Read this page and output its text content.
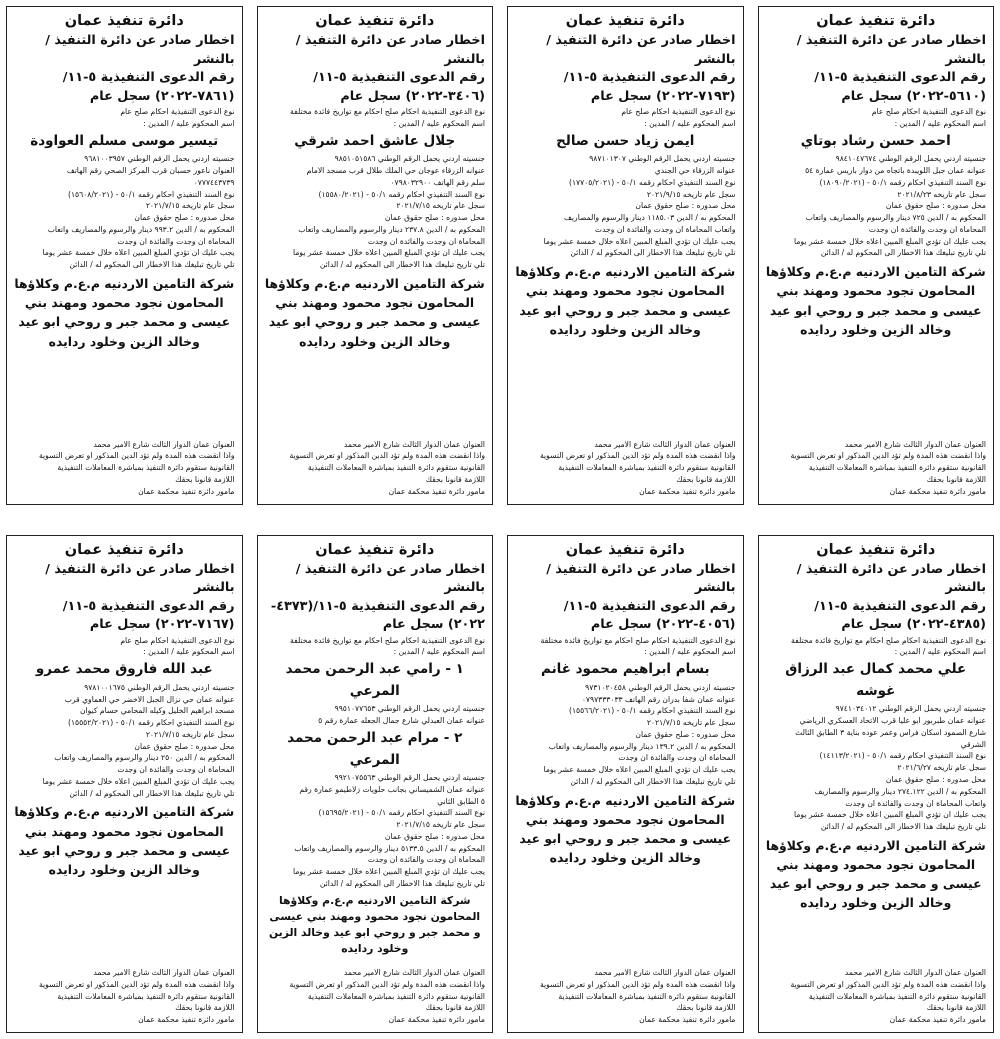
دائرة تنفيذ عمان
اخطار صادر عن دائرة التنفيذ / بالنشر
رقم الدعوى التنفيذية ٥-١١/
(٥٦١٠-٢٠٢٢) سجل عام
نوع الدعوى التنفيذية احكام صلح عام
اسم المحكوم عليه / المدين :
احمد حسن رشاد بوتاي
جنسيته اردني يحمل الرقم الوطني ٩٨٤١٠٤٧٦٧٤
عنوانه عمان جبل اللويبدة باتجاه من دوار باريس عمارة ٥٤
نوع السند التنفيذي احكام رقمه ٥٠/١ - (١٨٠٩٠/٢٠٢١)
سجل عام تاريخه ٢٠٢١/٨/٢٣
محل صدوره : صلح حقوق عمان
المحكوم به / الدين ٧٢٥ دينار والرسوم والمصاريف واتعاب
المحاماة ان وجدت والفائدة ان وجدت
يجب عليك ان تؤدي المبلغ المبين اعلاه خلال خمسة عشر يوما
تلي تاريخ تبليغك هذا الاخطار الى المحكوم له / الدائن
شركة التامين الاردنيه م.ع.م وكلاؤها المحامون نجود محمود ومهند بني عيسى و محمد جبر و روحي ابو عيد وخالد الزين وخلود ردايده
العنوان عمان الدوار الثالث شارع الامير محمد
واذا انقضت هذه المدة ولم تؤد الدين المذكور او تعرض التسوية
القانونية ستقوم دائرة التنفيذ بمباشرة المعاملات التنفيذية
اللازمة قانونا بحقك
مامور دائرة تنفيذ محكمة عمان
دائرة تنفيذ عمان
اخطار صادر عن دائرة التنفيذ / بالنشر
رقم الدعوى التنفيذية ٥-١١/
(٧١٩٣-٢٠٢٢) سجل عام
نوع الدعوى التنفيذية احكام صلح عام
اسم المحكوم عليه / المدين :
ايمن زياد حسن صالح
جنسيته اردني يحمل الرقم الوطني ٩٨٧١٠١٣٠٧
عنوانه الزرقاء حي الجندي
نوع السند التنفيذي احكام رقمه ٥٠/١ - (١٧٧٠٥/٢٠٢١)
سجل عام تاريخه ٢٠٢١/٩/١٥
محل صدوره : صلح حقوق عمان
المحكوم به / الدين ١١٨٥.٠٣ دينار والرسوم والمصاريف
واتعاب المحاماة ان وجدت والفائدة ان وجدت
يجب عليك ان تؤدي المبلغ المبين اعلاه خلال خمسة عشر يوما
تلي تاريخ تبليغك هذا الاخطار الى المحكوم له / الدائن
شركة التامين الاردنيه م.ع.م وكلاؤها المحامون نجود محمود ومهند بني عيسى و محمد جبر و روحي ابو عيد وخالد الزين وخلود ردايده
العنوان عمان الدوار الثالث شارع الامير محمد
واذا انقضت هذه المدة ولم تؤد الدين المذكور او تعرض التسوية
القانونية ستقوم دائرة التنفيذ بمباشرة المعاملات التنفيذية
اللازمة قانونا بحقك
مامور دائرة تنفيذ محكمة عمان
دائرة تنفيذ عمان
اخطار صادر عن دائرة التنفيذ / بالنشر
رقم الدعوى التنفيذية ٥-١١/
(٣٤٠٦-٢٠٢٢) سجل عام
نوع الدعوى التنفيذية احكام صلح احكام مع تواريخ فائدة مختلفة
اسم المحكوم عليه / المدين :
جلال عاشق احمد شرقي
جنسيته اردني يحمل الرقم الوطني ٩٨٥١٠٥١٥٨٦
عنوانه الزرقاء عوجان حي الملك طلال قرب مسجد الامام
سلم رقم الهاتف ٠٧٩٨٠٣٢٩٠٠
نوع السند التنفيذي احكام رقمه ٥٠/١ - (١٥٥٨٠/٢٠٢١)
سجل عام تاريخه ٢٠٢١/٧/١٥
محل صدوره : صلح حقوق عمان
المحكوم به / الدين ٢٣٧.٨ دينار والرسوم والمصاريف واتعاب
المحاماة ان وجدت والفائدة ان وجدت
يجب عليك ان تؤدي المبلغ المبين اعلاه خلال خمسة عشر يوما
تلي تاريخ تبليغك هذا الاخطار الى المحكوم له / الدائن
شركة التامين الاردنيه م.ع.م وكلاؤها المحامون نجود محمود ومهند بني عيسى و محمد جبر و روحي ابو عيد وخالد الزين وخلود ردايده
العنوان عمان الدوار الثالث شارع الامير محمد
واذا انقضت هذه المدة ولم تؤد الدين المذكور او تعرض التسوية
القانونية ستقوم دائرة التنفيذ بمباشرة المعاملات التنفيذية
اللازمة قانونا بحقك
مامور دائرة تنفيذ محكمة عمان
دائرة تنفيذ عمان
اخطار صادر عن دائرة التنفيذ / بالنشر
رقم الدعوى التنفيذية ٥-١١/
(٧٨٦١-٢٠٢٢) سجل عام
نوع الدعوى التنفيذية احكام صلح عام
اسم المحكوم عليه / المدين :
تيسير موسى مسلم العواودة
جنسيته اردني يحمل الرقم الوطني ٩٦٨١٠٠٣٩٥٧
العنوان ناعور حسبان قرب المركز الصحي رقم الهاتف
٠٧٧٧٤٤٣٧٣٩
نوع السند التنفيذي احكام رقمه ٥٠/١ - (١٥٦٠٨/٢٠٢١)
سجل عام تاريخه ٢٠٢١/٧/١٥
محل صدوره : صلح حقوق عمان
المحكوم به / الدين ٩٩٣.٢ دينار والرسوم والمصاريف واتعاب
المحاماة ان وجدت والفائدة ان وجدت
يجب عليك ان تؤدي المبلغ المبين اعلاه خلال خمسة عشر يوما
تلي تاريخ تبليغك هذا الاخطار الى المحكوم له / الدائن
شركة التامين الاردنيه م.ع.م وكلاؤها المحامون نجود محمود ومهند بني عيسى و محمد جبر و روحي ابو عيد وخالد الزين وخلود ردايده
العنوان عمان الدوار الثالث شارع الامير محمد
واذا انقضت هذه المدة ولم تؤد الدين المذكور او تعرض التسوية
القانونية ستقوم دائرة التنفيذ بمباشرة المعاملات التنفيذية
اللازمة قانونا بحقك
مامور دائرة تنفيذ محكمة عمان
دائرة تنفيذ عمان
اخطار صادر عن دائرة التنفيذ / بالنشر
رقم الدعوى التنفيذية ٥-١١/
(٤٣٨٥-٢٠٢٢) سجل عام
نوع الدعوى التنفيذية احكام صلح احكام مع تواريخ فائدة مختلفة
اسم المحكوم عليه / المدين :
علي محمد كمال عبد الرزاق غوشه
جنسيته اردني يحمل الرقم الوطني ٩٧٤١٠٣٤٠١٢
عنوانه عمان طبربور ابو عليا قرب الاتحاد العسكري الرياضي
شارع الصمود اسكان فراس وعمر عوده بناية ٣ الطابق الثالث
الشرقي
نوع السند التنفيذي احكام رقمه ٥٠/١ - (١٤١١٣/٢٠٢١)
سجل عام تاريخه ٢٠٢١/٦/٢٧
محل صدوره : صلح حقوق عمان
المحكوم به / الدين ٢٧٤.١٢٢ دينار والرسوم والمصاريف
واتعاب المحاماة ان وجدت والفائدة ان وجدت
يجب عليك ان تؤدي المبلغ المبين اعلاه خلال خمسة عشر يوما
تلي تاريخ تبليغك هذا الاخطار الى المحكوم له / الدائن
شركة التامين الاردنيه م.ع.م وكلاؤها المحامون نجود محمود ومهند بني عيسى و محمد جبر و روحي ابو عيد وخالد الزين وخلود ردايده
العنوان عمان الدوار الثالث شارع الامير محمد
واذا انقضت هذه المدة ولم تؤد الدين المذكور او تعرض التسوية
القانونية ستقوم دائرة التنفيذ بمباشرة المعاملات التنفيذية
اللازمة قانونا بحقك
مامور دائرة تنفيذ محكمة عمان
دائرة تنفيذ عمان
اخطار صادر عن دائرة التنفيذ / بالنشر
رقم الدعوى التنفيذية ٥-١١/
(٤٠٥٦-٢٠٢٢) سجل عام
نوع الدعوى التنفيذية احكام صلح احكام مع تواريخ فائدة مختلفة
اسم المحكوم عليه / المدين :
بسام ابراهيم محمود غانم
جنسيته اردني يحمل الرقم الوطني ٩٧٣١٠٢٠٤٥٨
عنوانه عمان شفا بدران رقم الهاتف ٠٧٩٧٣٣٣٠٣٣
نوع السند التنفيذي احكام رقمه ٥٠/١ - (١٥٥٦٦/٢٠٢١)
سجل عام تاريخه ٢٠٢١/٧/١٥
محل صدوره : صلح حقوق عمان
المحكوم به / الدين ١٣٩.٢ دينار والرسوم والمصاريف واتعاب
المحاماة ان وجدت والفائدة ان وجدت
يجب عليك ان تؤدي المبلغ المبين اعلاه خلال خمسة عشر يوما
تلي تاريخ تبليغك هذا الاخطار الى المحكوم له / الدائن
شركة التامين الاردنيه م.ع.م وكلاؤها المحامون نجود محمود ومهند بني عيسى و محمد جبر و روحي ابو عيد وخالد الزين وخلود ردايده
العنوان عمان الدوار الثالث شارع الامير محمد
واذا انقضت هذه المدة ولم تؤد الدين المذكور او تعرض التسوية
القانونية ستقوم دائرة التنفيذ بمباشرة المعاملات التنفيذية
اللازمة قانونا بحقك
مامور دائرة تنفيذ محكمة عمان
دائرة تنفيذ عمان
اخطار صادر عن دائرة التنفيذ / بالنشر
رقم الدعوى التنفيذية ٥-١١/(٤٣٧٣-
٢٠٢٢) سجل عام
نوع الدعوى التنفيذية احكام صلح احكام مع تواريخ فائدة مختلفة
اسم المحكوم عليه / المدين :
١ - رامي عبد الرحمن محمد المرعي
جنسيته اردني يحمل الرقم الوطني ٩٩٥١٠٧٧٦٥٣
عنوانه عمان العبدلي شارع جمال الجعله عمارة رقم ٥
٢ - مرام عبد الرحمن محمد المرعي
جنسيته اردني يحمل الرقم الوطني ٩٩٢١٠٧٥٥٦٣
عنوانه عمان الشميساني بجانب حلويات زلاطيمو عمارة رقم
٥ الطابق الثاني
نوع السند التنفيذي احكام رقمه ٥٠/١ - (١٥٦٩٥/٢٠٢١)
سجل عام تاريخه ٢٠٢١/٧/١٥
محل صدوره : صلح حقوق عمان
المحكوم به / الدين ٥١٣٣.٥ دينار والرسوم والمصاريف واتعاب
المحاماة ان وجدت والفائدة ان وجدت
يجب عليك ان تؤدي المبلغ المبين اعلاه خلال خمسة عشر يوما
تلي تاريخ تبليغك هذا الاخطار الى المحكوم له / الدائن
شركة التامين الاردنيه م.ع.م وكلاؤها المحامون نجود محمود ومهند بني عيسى و محمد جبر و روحي ابو عيد وخالد الزين وخلود ردايده
العنوان عمان الدوار الثالث شارع الامير محمد
واذا انقضت هذه المدة ولم تؤد الدين المذكور او تعرض التسوية
القانونية ستقوم دائرة التنفيذ بمباشرة المعاملات التنفيذية
اللازمة قانونا بحقك
مامور دائرة تنفيذ محكمة عمان
دائرة تنفيذ عمان
اخطار صادر عن دائرة التنفيذ / بالنشر
رقم الدعوى التنفيذية ٥-١١/
(٧١٦٧-٢٠٢٢) سجل عام
نوع الدعوى التنفيذية احكام صلح عام
اسم المحكوم عليه / المدين :
عبد الله فاروق محمد عمرو
جنسيته اردني يحمل الرقم الوطني ٩٧٨١٠٠١٦٧٥
عنوانه عمان حي نزال الجبل الاخضر حي العماوي قرب
مسجد ابراهيم الخليل وكيله المحامي حسام كيوان
نوع السند التنفيذي احكام رقمه ٥٠/١ - (١٥٥٥٢/٢٠٢١)
سجل عام تاريخه ٢٠٢١/٧/١٥
محل صدوره : صلح حقوق عمان
المحكوم به / الدين ٢٥٠ دينار والرسوم والمصاريف واتعاب
المحاماة ان وجدت والفائدة ان وجدت
يجب عليك ان تؤدي المبلغ المبين اعلاه خلال خمسة عشر يوما
تلي تاريخ تبليغك هذا الاخطار الى المحكوم له / الدائن
شركة التامين الاردنيه م.ع.م وكلاؤها المحامون نجود محمود ومهند بني عيسى و محمد جبر و روحي ابو عيد وخالد الزين وخلود ردايده
العنوان عمان الدوار الثالث شارع الامير محمد
واذا انقضت هذه المدة ولم تؤد الدين المذكور او تعرض التسوية
القانونية ستقوم دائرة التنفيذ بمباشرة المعاملات التنفيذية
اللازمة قانونا بحقك
مامور دائرة تنفيذ محكمة عمان
